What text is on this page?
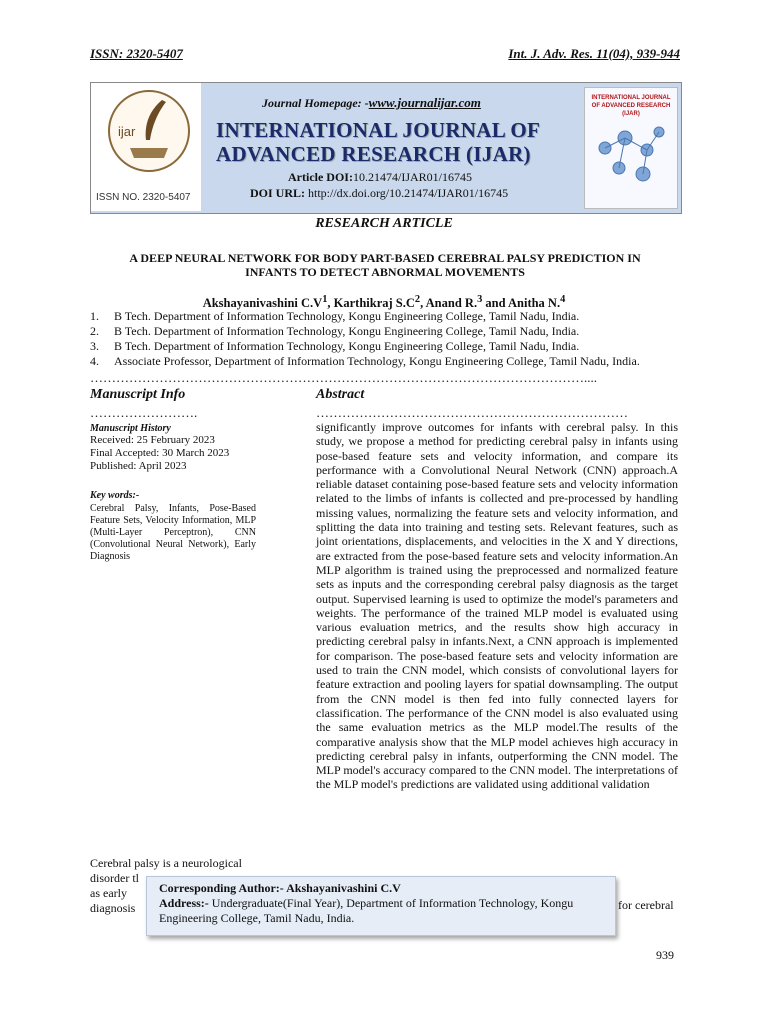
ISSN: 2320-5407	Int. J. Adv. Res. 11(04), 939-944
ijar
ISSN NO. 2320-5407
Journal Homepage: -www.journalijar.com
INTERNATIONAL JOURNAL OF
ADVANCED RESEARCH (IJAR)
Article DOI:10.21474/IJAR01/16745
DOI URL: http://dx.doi.org/10.21474/IJAR01/16745
INTERNATIONAL JOURNAL OF ADVANCED RESEARCH (IJAR)
RESEARCH ARTICLE
A DEEP NEURAL NETWORK FOR BODY PART-BASED CEREBRAL PALSY PREDICTION IN INFANTS TO DETECT ABNORMAL MOVEMENTS
Akshayanivashini $C.V^1$, Karthikraj $S.C^2$, Anand R.$^3$ and Anitha N.$^4$
1.	B Tech. Department of Information Technology, Kongu Engineering College, Tamil Nadu, India.
2.	B Tech. Department of Information Technology, Kongu Engineering College, Tamil Nadu, India.
3.	B Tech. Department of Information Technology, Kongu Engineering College, Tamil Nadu, India.
4.	Associate Professor, Department of Information Technology, Kongu Engineering College, Tamil Nadu, India.
……………………………………………………………………………………………………....
Manuscript Info
…………………….
Manuscript History
Received: 25 February 2023
Final Accepted: 30 March 2023
Published: April 2023
Key words:-
Cerebral Palsy, Infants, Pose-Based Feature Sets, Velocity Information, MLP (Multi-Layer Perceptron), CNN (Convolutional Neural Network), Early Diagnosis
Abstract
………………………………………………………………
significantly improve outcomes for infants with cerebral palsy. In this study, we propose a method for predicting cerebral palsy in infants using pose-based feature sets and velocity information, and compare its performance with a Convolutional Neural Network (CNN) approach.A reliable dataset containing pose-based feature sets and velocity information related to the limbs of infants is collected and pre-processed by handling missing values, normalizing the feature sets and velocity information, and splitting the data into training and testing sets. Relevant features, such as joint orientations, displacements, and velocities in the X and Y directions, are extracted from the pose-based feature sets and velocity information.An MLP algorithm is trained using the preprocessed and normalized feature sets as inputs and the corresponding cerebral palsy diagnosis as the target output. Supervised learning is used to optimize the model's parameters and weights. The performance of the trained MLP model is evaluated using various evaluation metrics, and the results show high accuracy in predicting cerebral palsy in infants.Next, a CNN approach is implemented for comparison. The pose-based feature sets and velocity information are used to train the CNN model, which consists of convolutional layers for feature extraction and pooling layers for spatial downsampling. The output from the CNN model is then fed into fully connected layers for classification. The performance of the CNN model is also evaluated using the same evaluation metrics as the MLP model.The results of the comparative analysis show that the MLP model achieves high accuracy in predicting cerebral palsy in infants, outperforming the CNN model. The MLP model's accuracy compared to the CNN model. The interpretations of the MLP model's predictions are validated using additional validation
Cerebral palsy is a neurological
disorder tl
as early
diagnosis	for cerebral
Corresponding Author:- Akshayanivashini C.V
Address:- Undergraduate(Final Year), Department of Information Technology, Kongu Engineering College, Tamil Nadu, India.
939
